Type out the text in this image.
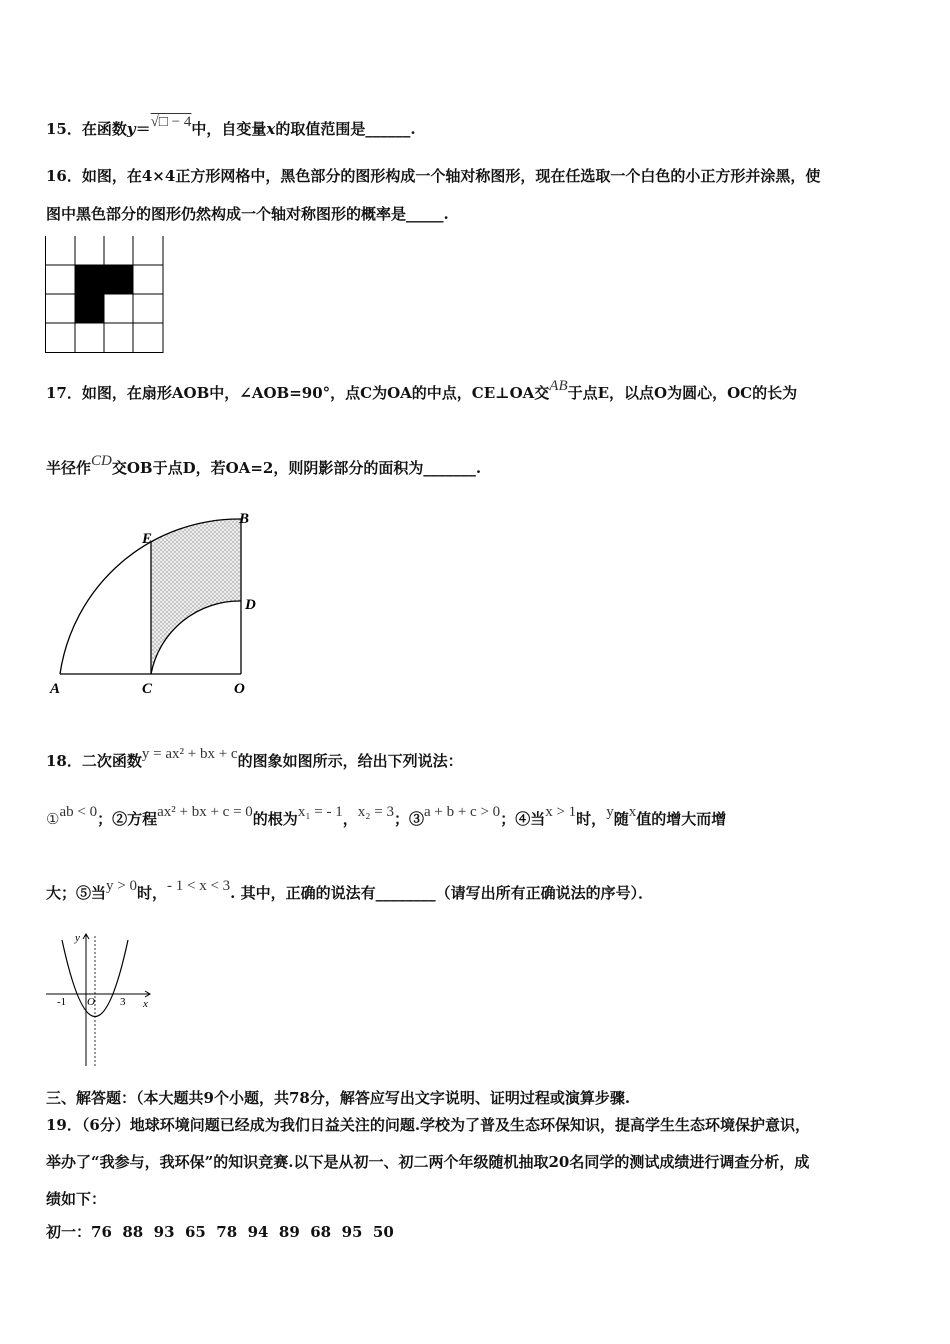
15．在函数y＝√□ − 4中，自变量x的取值范围是______.
16．如图，在4×4正方形网格中，黑色部分的图形构成一个轴对称图形，现在任选取一个白色的小正方形并涂黑，使
图中黑色部分的图形仍然构成一个轴对称图形的概率是_____.
17．如图，在扇形AOB中，∠AOB=90°，点C为OA的中点，CE⊥OA交AB于点E，以点O为圆心，OC的长为
半径作CD交OB于点D，若OA=2，则阴影部分的面积为_______.
E
B
D
A	C	O
18．二次函数y = ax² + bx + c的图象如图所示，给出下列说法：
①ab < 0；②方程ax² + bx + c = 0的根为x₁ = - 1，x₂ = 3；③a + b + c > 0；④当x > 1时，y随x值的增大而增
大；⑤当y > 0时，- 1 < x < 3. 其中，正确的说法有________（请写出所有正确说法的序号）．
y
x
-1 O 3
三、解答题：（本大题共9个小题，共78分，解答应写出文字说明、证明过程或演算步骤.
19．（6分）地球环境问题已经成为我们日益关注的问题.学校为了普及生态环保知识，提高学生生态环境保护意识，
举办了“我参与，我环保”的知识竞赛.以下是从初一、初二两个年级随机抽取20名同学的测试成绩进行调查分析，成
绩如下：
初一：76  88  93  65  78  94  89  68  95  50
